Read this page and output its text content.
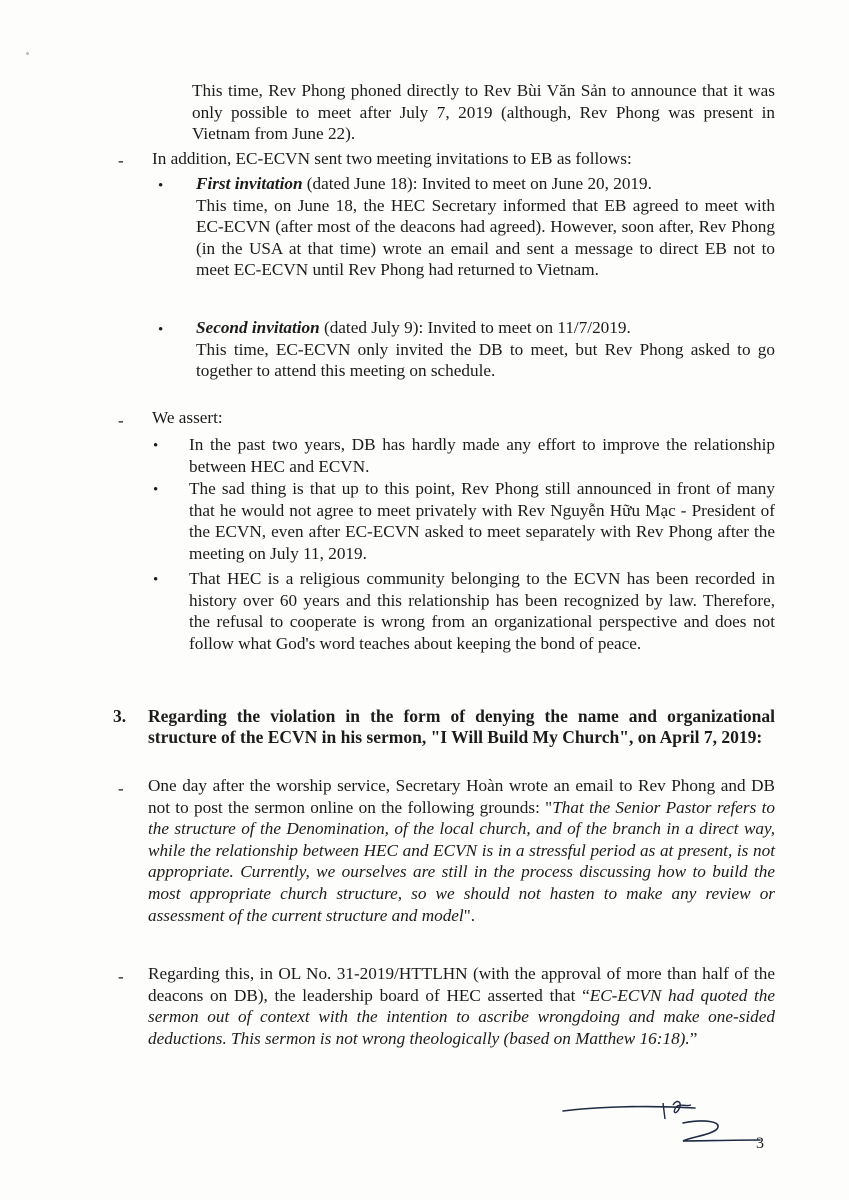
This time, Rev Phong phoned directly to Rev Bùi Văn Sản to announce that it was only possible to meet after July 7, 2019 (although, Rev Phong was present in Vietnam from June 22).

- In addition, EC-ECVN sent two meeting invitations to EB as follows:

• First invitation (dated June 18): Invited to meet on June 20, 2019.

This time, on June 18, the HEC Secretary informed that EB agreed to meet with EC-ECVN (after most of the deacons had agreed). However, soon after, Rev Phong (in the USA at that time) wrote an email and sent a message to direct EB not to meet EC-ECVN until Rev Phong had returned to Vietnam.

• Second invitation (dated July 9): Invited to meet on 11/7/2019.

This time, EC-ECVN only invited the DB to meet, but Rev Phong asked to go together to attend this meeting on schedule.

- We assert:

• In the past two years, DB has hardly made any effort to improve the relationship between HEC and ECVN.

• The sad thing is that up to this point, Rev Phong still announced in front of many that he would not agree to meet privately with Rev Nguyễn Hữu Mạc - President of the ECVN, even after EC-ECVN asked to meet separately with Rev Phong after the meeting on July 11, 2019.

• That HEC is a religious community belonging to the ECVN has been recorded in history over 60 years and this relationship has been recognized by law. Therefore, the refusal to cooperate is wrong from an organizational perspective and does not follow what God's word teaches about keeping the bond of peace.

3. Regarding the violation in the form of denying the name and organizational structure of the ECVN in his sermon, "I Will Build My Church", on April 7, 2019:
- One day after the worship service, Secretary Hoàn wrote an email to Rev Phong and DB not to post the sermon online on the following grounds: "That the Senior Pastor refers to the structure of the Denomination, of the local church, and of the branch in a direct way, while the relationship between HEC and ECVN is in a stressful period as at present, is not appropriate. Currently, we ourselves are still in the process discussing how to build the most appropriate church structure, so we should not hasten to make any review or assessment of the current structure and model".

- Regarding this, in OL No. 31-2019/HTTLHN (with the approval of more than half of the deacons on DB), the leadership board of HEC asserted that “EC-ECVN had quoted the sermon out of context with the intention to ascribe wrongdoing and make one-sided deductions. This sermon is not wrong theologically (based on Matthew 16:18).”

3
